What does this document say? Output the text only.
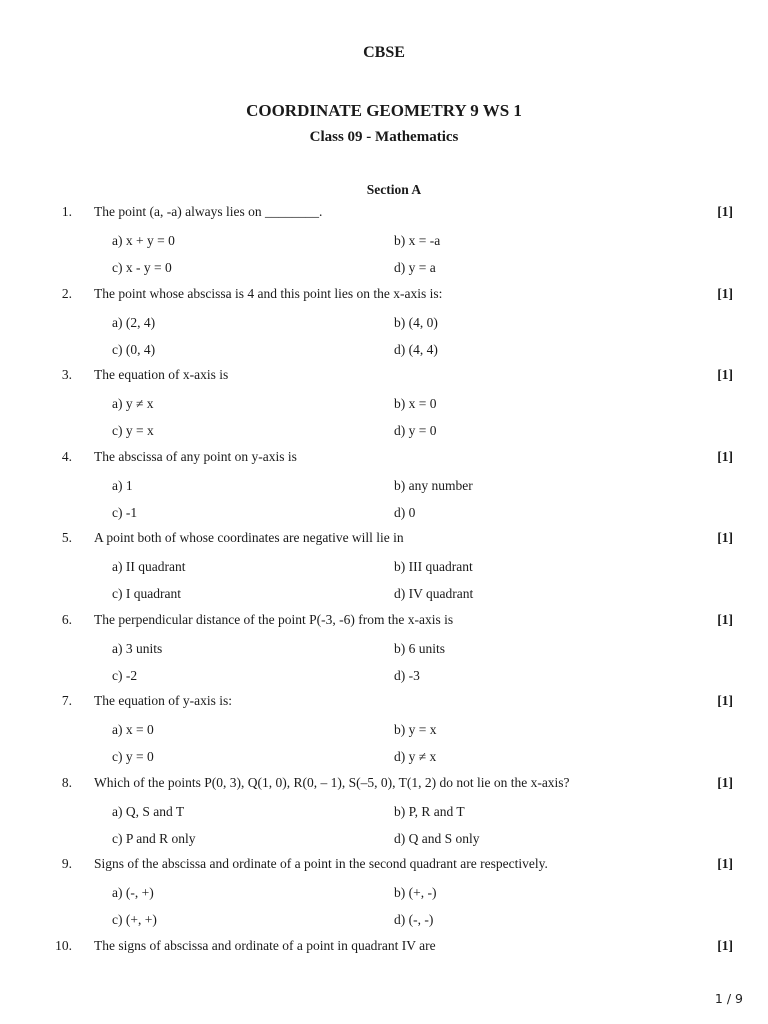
CBSE
COORDINATE GEOMETRY 9 WS 1
Class 09 - Mathematics
Section A
1. The point (a, -a) always lies on ________.	[1]
a) x + y = 0	b) x = -a
c) x - y = 0	d) y = a
2. The point whose abscissa is 4 and this point lies on the x-axis is:	[1]
a) (2, 4)	b) (4, 0)
c) (0, 4)	d) (4, 4)
3. The equation of x-axis is	[1]
a) y ≠ x	b) x = 0
c) y = x	d) y = 0
4. The abscissa of any point on y-axis is	[1]
a) 1	b) any number
c) -1	d) 0
5. A point both of whose coordinates are negative will lie in	[1]
a) II quadrant	b) III quadrant
c) I quadrant	d) IV quadrant
6. The perpendicular distance of the point P(-3, -6) from the x-axis is	[1]
a) 3 units	b) 6 units
c) -2	d) -3
7. The equation of y-axis is:	[1]
a) x = 0	b) y = x
c) y = 0	d) y ≠ x
8. Which of the points P(0, 3), Q(1, 0), R(0, – 1), S(–5, 0), T(1, 2) do not lie on the x-axis?	[1]
a) Q, S and T	b) P, R and T
c) P and R only	d) Q and S only
9. Signs of the abscissa and ordinate of a point in the second quadrant are respectively.	[1]
a) (-, +)	b) (+, -)
c) (+, +)	d) (-, -)
10. The signs of abscissa and ordinate of a point in quadrant IV are	[1]
1 / 9
